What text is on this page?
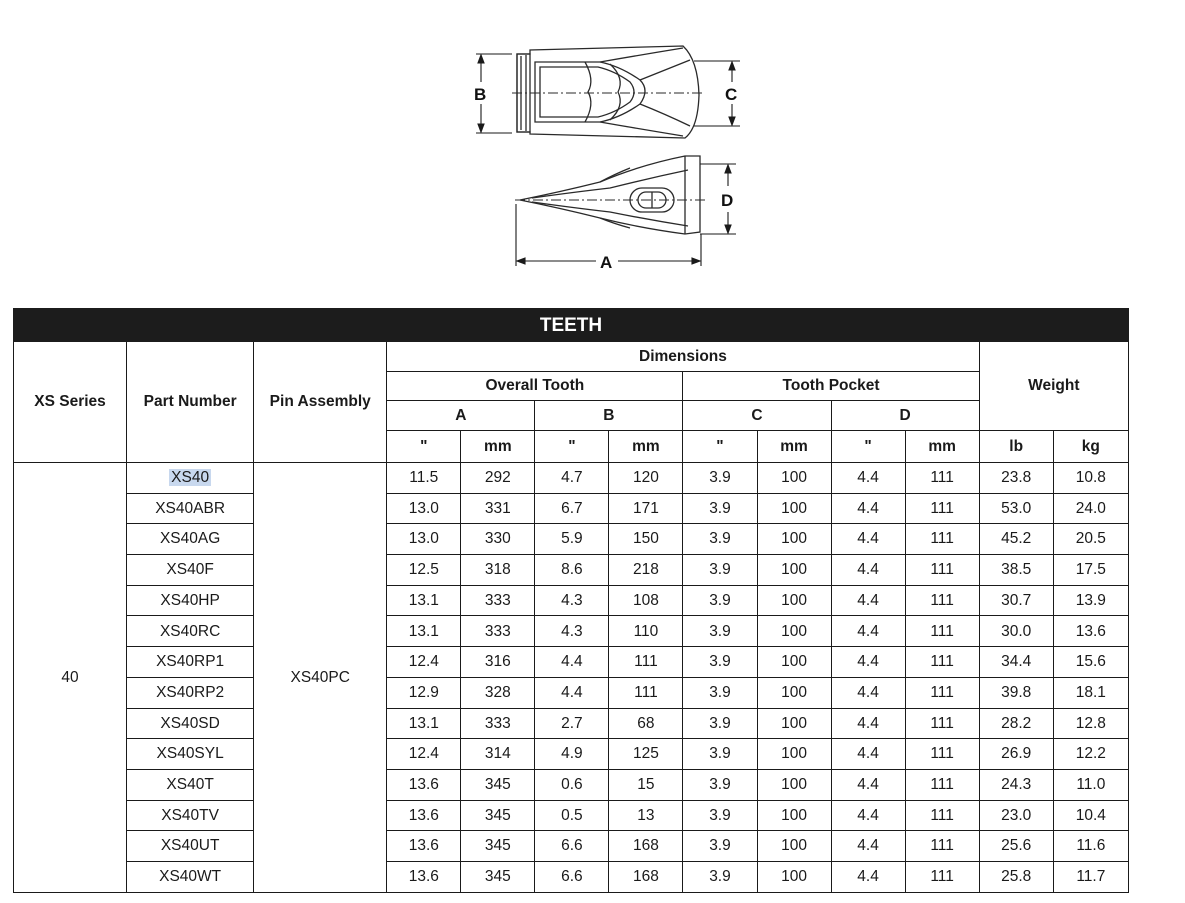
B	C
D
A
TEETH												
XS Series	Part Number	Pin Assembly	Dimensions								Weight	
			Overall Tooth				Tooth Pocket					
			A		B		C		D			
			"	mm	"	mm	"	mm	"	mm	lb	kg
40	XS40	XS40PC	11.5	292	4.7	120	3.9	100	4.4	111	23.8	10.8
	XS40ABR		13.0	331	6.7	171	3.9	100	4.4	111	53.0	24.0
	XS40AG		13.0	330	5.9	150	3.9	100	4.4	111	45.2	20.5
	XS40F		12.5	318	8.6	218	3.9	100	4.4	111	38.5	17.5
	XS40HP		13.1	333	4.3	108	3.9	100	4.4	111	30.7	13.9
	XS40RC		13.1	333	4.3	110	3.9	100	4.4	111	30.0	13.6
	XS40RP1		12.4	316	4.4	111	3.9	100	4.4	111	34.4	15.6
	XS40RP2		12.9	328	4.4	111	3.9	100	4.4	111	39.8	18.1
	XS40SD		13.1	333	2.7	68	3.9	100	4.4	111	28.2	12.8
	XS40SYL		12.4	314	4.9	125	3.9	100	4.4	111	26.9	12.2
	XS40T		13.6	345	0.6	15	3.9	100	4.4	111	24.3	11.0
	XS40TV		13.6	345	0.5	13	3.9	100	4.4	111	23.0	10.4
	XS40UT		13.6	345	6.6	168	3.9	100	4.4	111	25.6	11.6
	XS40WT		13.6	345	6.6	168	3.9	100	4.4	111	25.8	11.7
